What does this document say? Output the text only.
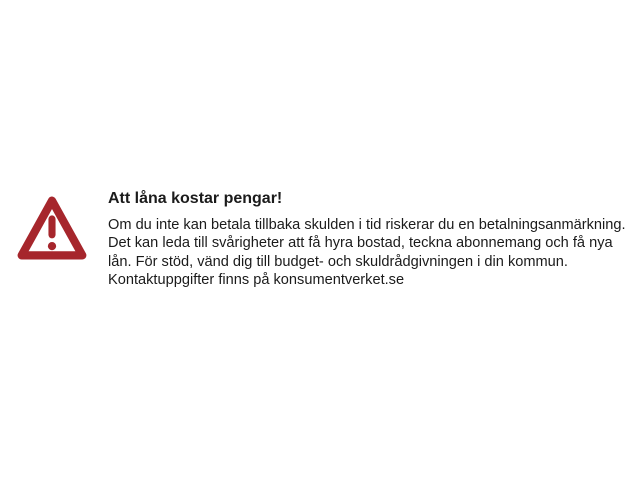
Att låna kostar pengar!
Om du inte kan betala tillbaka skulden i tid riskerar du en betalningsanmärkning.
Det kan leda till svårigheter att få hyra bostad, teckna abonnemang och få nya
lån. För stöd, vänd dig till budget- och skuldrådgivningen i din kommun.
Kontaktuppgifter finns på konsumentverket.se
